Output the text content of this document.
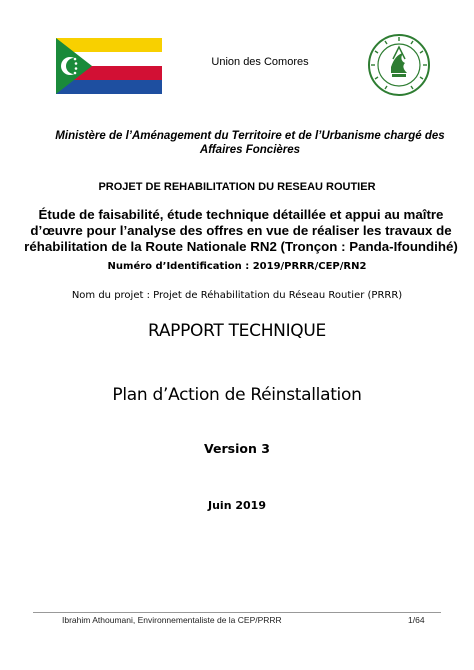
Union des Comores
Ministère de l’Aménagement du Territoire et de l’Urbanisme chargé des Affaires Foncières
PROJET DE REHABILITATION DU RESEAU ROUTIER
Étude de faisabilité, étude technique détaillée et appui au maître d’œuvre pour l’analyse des offres en vue de réaliser les travaux de réhabilitation de la Route Nationale RN2 (Tronçon : Panda-Ifoundihé)
Numéro d’Identification : 2019/PRRR/CEP/RN2
Nom du projet : Projet de Réhabilitation du Réseau Routier (PRRR)
RAPPORT TECHNIQUE
Plan d’Action de Réinstallation
Version 3
Juin 2019
Ibrahim Athoumani, Environnementaliste de la CEP/PRRR	1/64
